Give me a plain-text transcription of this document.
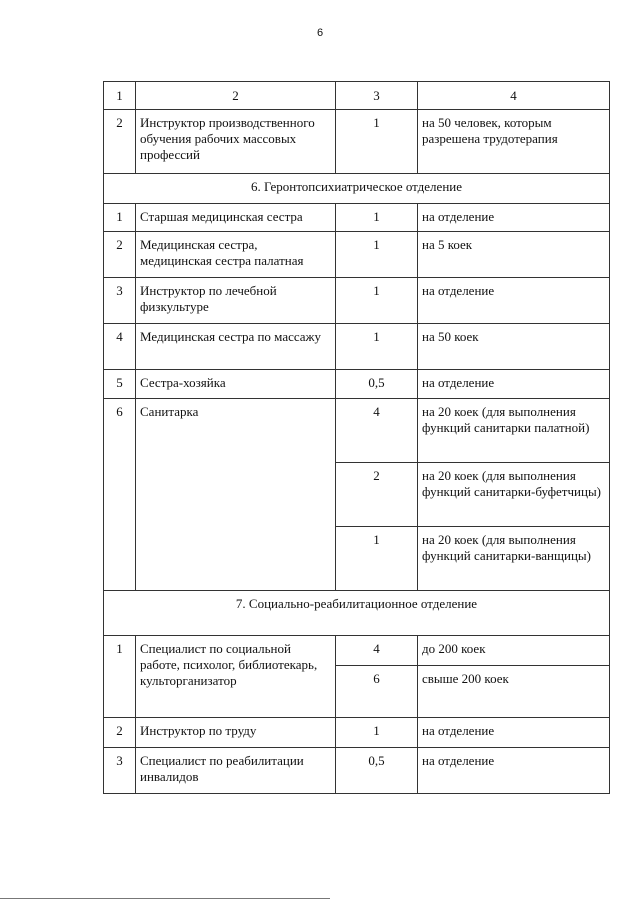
6
1	2	3	4
2	Инструктор производственного обучения рабочих массовых профессий	1	на 50 человек, которым разрешена трудотерапия
6. Геронтопсихиатрическое отделение			
1	Старшая медицинская сестра	1	на отделение
2	Медицинская сестра, медицинская сестра палатная	1	на 5 коек
3	Инструктор по лечебной физкультуре	1	на отделение
4	Медицинская сестра по массажу	1	на 50 коек
5	Сестра-хозяйка	0,5	на отделение
6	Санитарка	4	на 20 коек (для выполнения функций санитарки палатной)
		2	на 20 коек (для выполнения функций санитарки-буфетчицы)
		1	на 20 коек (для выполнения функций санитарки-ванщицы)
7. Социально-реабилитационное отделение			
1	Специалист по социальной работе, психолог, библиотекарь, культорганизатор	4	до 200 коек
		6	свыше 200 коек
2	Инструктор по труду	1	на отделение
3	Специалист по реабилитации инвалидов	0,5	на отделение
